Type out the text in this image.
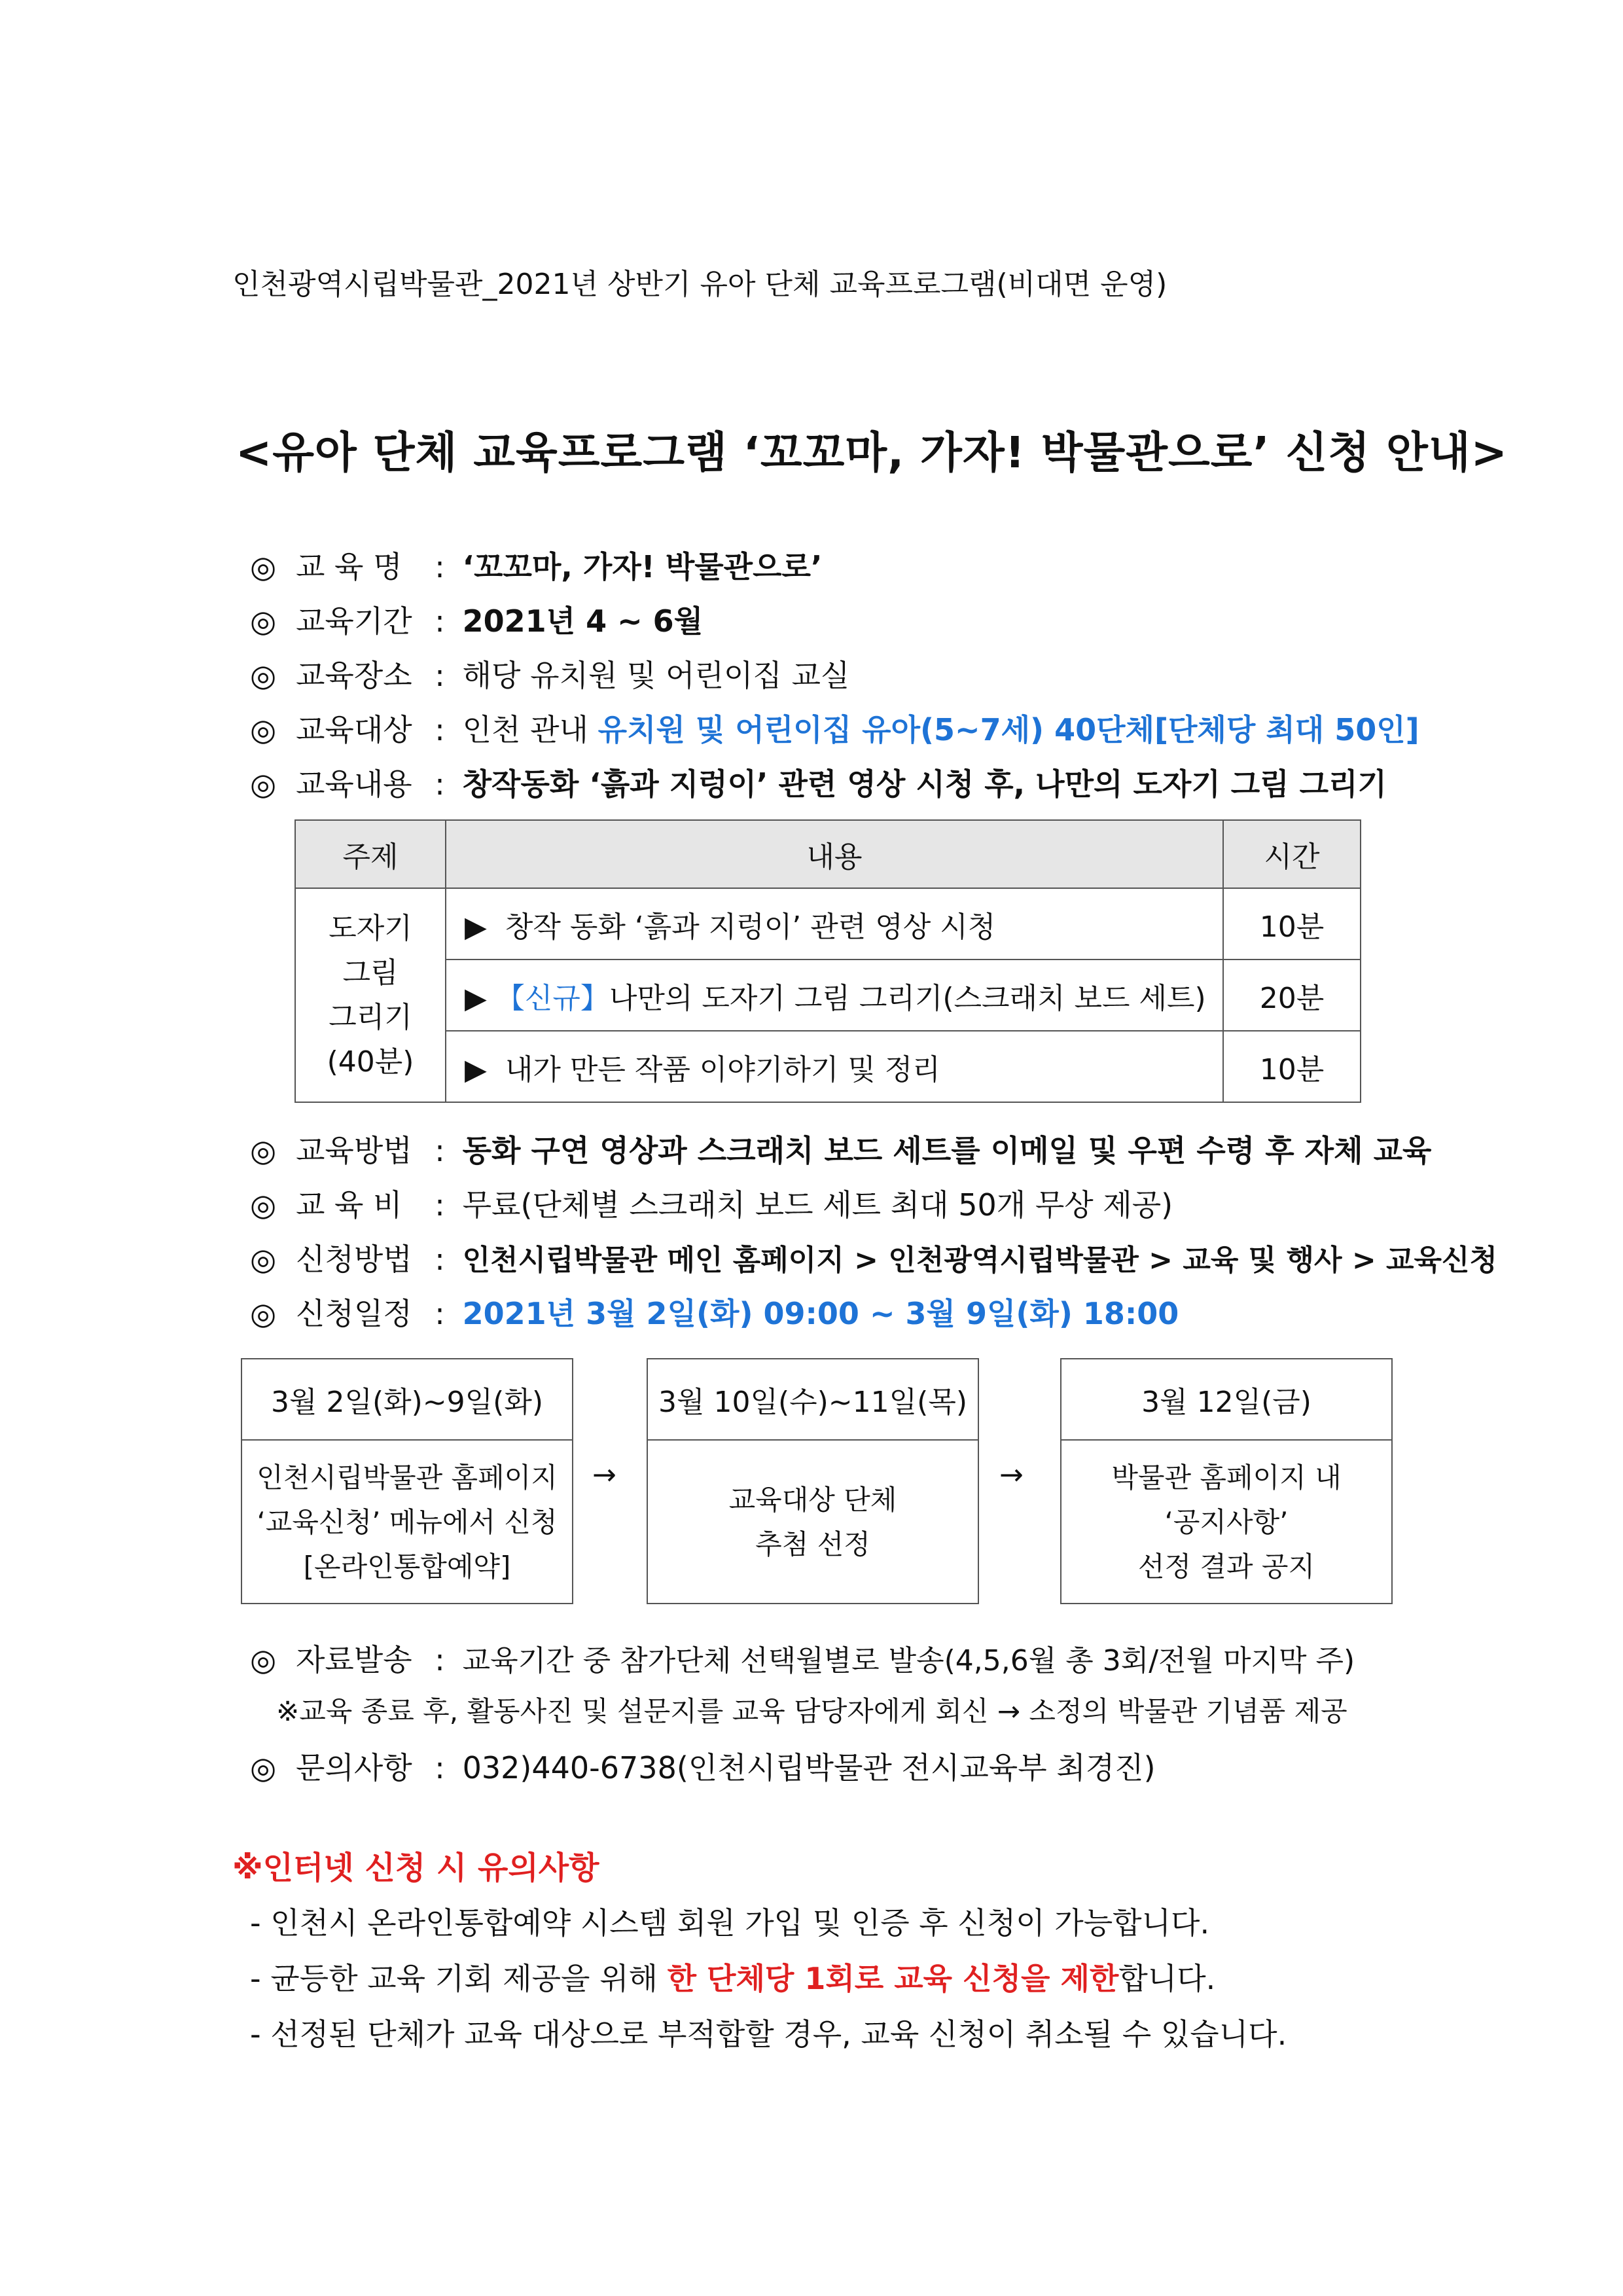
인천광역시립박물관_2021년 상반기 유아 단체 교육프로그램(비대면 운영)
<유아 단체 교육프로그램 ‘꼬꼬마, 가자! 박물관으로’ 신청 안내>
◎ 교 육 명 : ‘꼬꼬마, 가자! 박물관으로’
◎ 교육기간 : 2021년 4 ~ 6월
◎ 교육장소 : 해당 유치원 및 어린이집 교실
◎ 교육대상 : 인천 관내 유치원 및 어린이집 유아(5~7세) 40단체[단체당 최대 50인]
◎ 교육내용 : 창작동화 ‘흙과 지렁이’ 관련 영상 시청 후, 나만의 도자기 그림 그리기
주제	내용	시간

도자기
그림
그리기
(40분)	▶ 창작 동화 ‘흙과 지렁이’ 관련 영상 시청	10분
	▶ 【신규】나만의 도자기 그림 그리기(스크래치 보드 세트)	20분
	▶ 내가 만든 작품 이야기하기 및 정리	10분
◎ 교육방법 : 동화 구연 영상과 스크래치 보드 세트를 이메일 및 우편 수령 후 자체 교육
◎ 교 육 비 : 무료(단체별 스크래치 보드 세트 최대 50개 무상 제공)
◎ 신청방법 : 인천시립박물관 메인 홈페이지 > 인천광역시립박물관 > 교육 및 행사 > 교육신청
◎ 신청일정 : 2021년 3월 2일(화) 09:00 ~ 3월 9일(화) 18:00
3월 2일(화)~9일(화)
인천시립박물관 홈페이지
‘교육신청’ 메뉴에서 신청
[온라인통합예약]
→
3월 10일(수)~11일(목)
교육대상 단체
추첨 선정
→
3월 12일(금)
박물관 홈페이지 내
‘공지사항’
선정 결과 공지
◎ 자료발송 : 교육기간 중 참가단체 선택월별로 발송(4,5,6월 총 3회/전월 마지막 주)
※교육 종료 후, 활동사진 및 설문지를 교육 담당자에게 회신 → 소정의 박물관 기념품 제공
◎ 문의사항 : 032)440-6738(인천시립박물관 전시교육부 최경진)
※인터넷 신청 시 유의사항
- 인천시 온라인통합예약 시스템 회원 가입 및 인증 후 신청이 가능합니다.
- 균등한 교육 기회 제공을 위해 한 단체당 1회로 교육 신청을 제한합니다.
- 선정된 단체가 교육 대상으로 부적합할 경우, 교육 신청이 취소될 수 있습니다.
